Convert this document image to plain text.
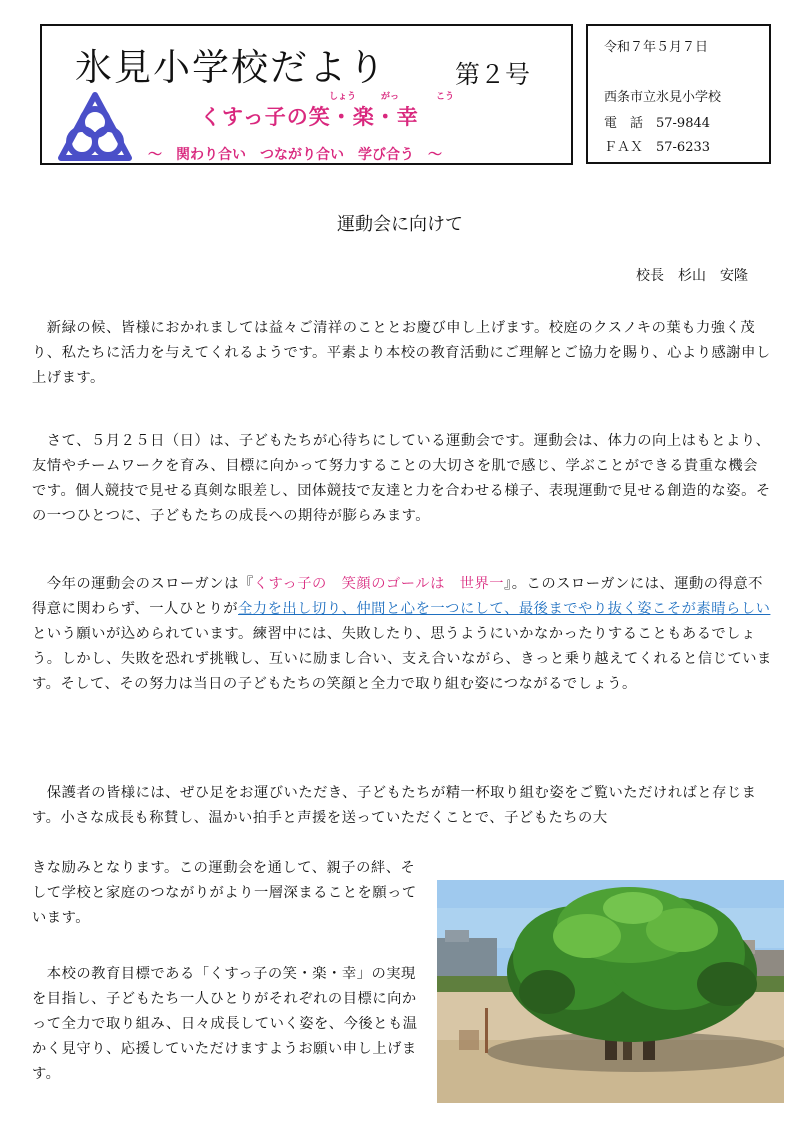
氷見小学校だより	第２号
しょう	がっ	こう
くすっ子の笑・楽・幸
～　関わり合い　つながり合い　学び合う　～
令和７年５月７日
西条市立氷見小学校
電　話　57-9844
ＦＡＸ　57-6233
運動会に向けて
校長　杉山　安隆

　新緑の候、皆様におかれましては益々ご清祥のこととお慶び申し上げます。校庭のクスノキの葉も力強く茂り、私たちに活力を与えてくれるようです。平素より本校の教育活動にご理解とご協力を賜り、心より感謝申し上げます。

　さて、５月２５日（日）は、子どもたちが心待ちにしている運動会です。運動会は、体力の向上はもとより、友情やチームワークを育み、目標に向かって努力することの大切さを肌で感じ、学ぶことができる貴重な機会です。個人競技で見せる真剣な眼差し、団体競技で友達と力を合わせる様子、表現運動で見せる創造的な姿。その一つひとつに、子どもたちの成長への期待が膨らみます。

　今年の運動会のスローガンは『くすっ子の　笑顔のゴールは　世界一』。このスローガンには、運動の得意不得意に関わらず、一人ひとりが全力を出し切り、仲間と心を一つにして、最後までやり抜く姿こそが素晴らしいという願いが込められています。練習中には、失敗したり、思うようにいかなかったりすることもあるでしょう。しかし、失敗を恐れず挑戦し、互いに励まし合い、支え合いながら、きっと乗り越えてくれると信じています。そして、その努力は当日の子どもたちの笑顔と全力で取り組む姿につながるでしょう。

　保護者の皆様には、ぜひ足をお運びいただき、子どもたちが精一杯取り組む姿をご覧いただければと存じます。小さな成長も称賛し、温かい拍手と声援を送っていただくことで、子どもたちの大

きな励みとなります。この運動会を通して、親子の絆、そして学校と家庭のつながりがより一層深まることを願っています。

　本校の教育目標である「くすっ子の笑・楽・幸」の実現を目指し、子どもたち一人ひとりがそれぞれの目標に向かって全力で取り組み、日々成長していく姿を、今後とも温かく見守り、応援していただけますようお願い申し上げます。
